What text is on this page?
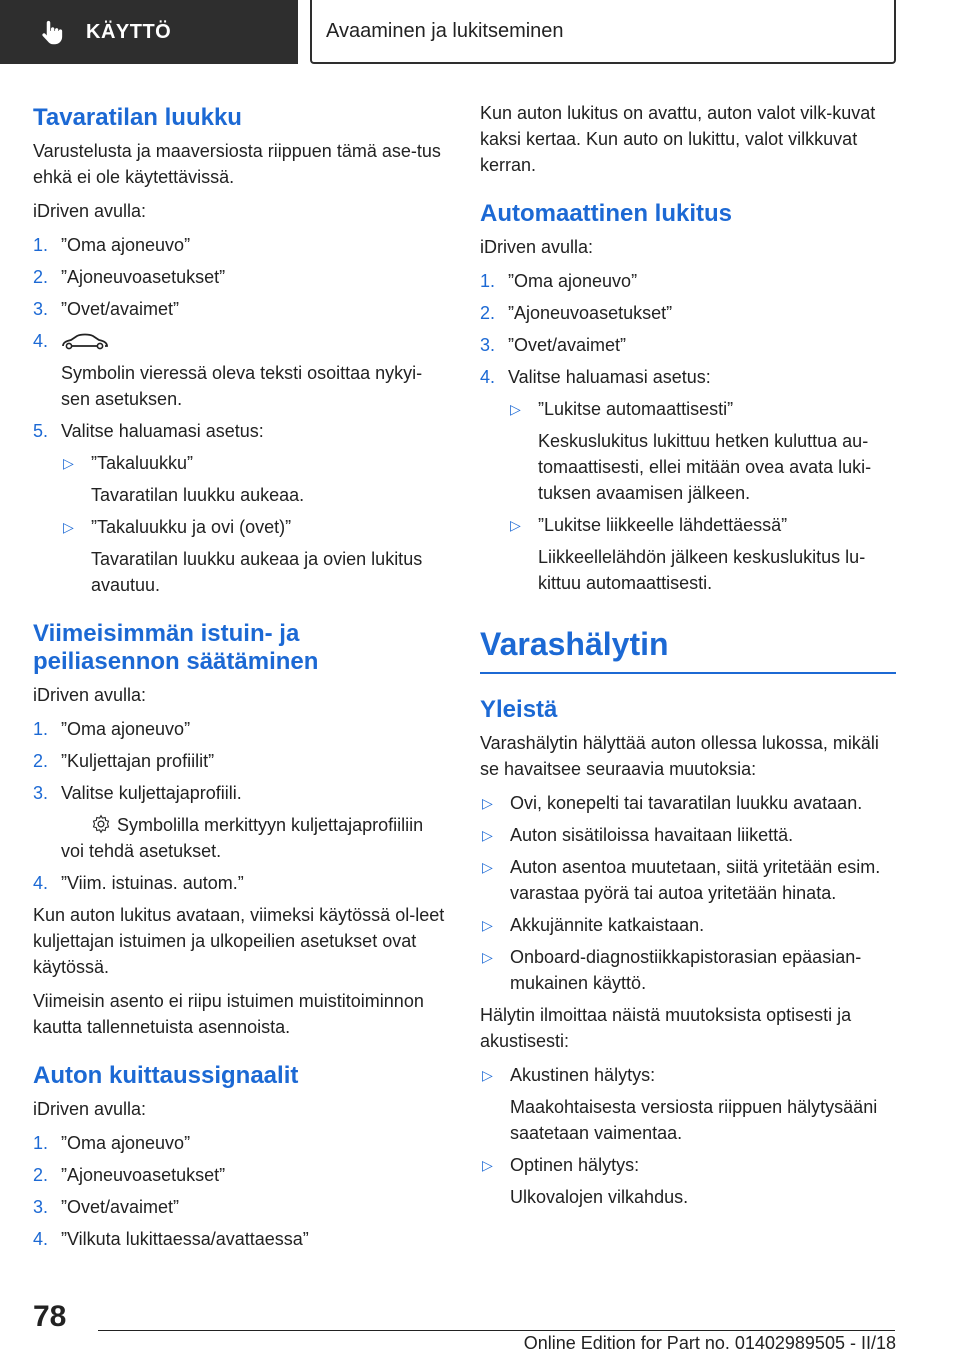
KÄYTTÖ	Avaaminen ja lukitseminen
Tavaratilan luukku

Varustelusta ja maaversiosta riippuen tämä ase-tus ehkä ei ole käytettävissä.

iDriven avulla:

1. ”Oma ajoneuvo”
2. ”Ajoneuvoasetukset”
3. ”Ovet/avaimet”
4.
Symbolin vieressä oleva teksti osoittaa nykyi-sen asetuksen.
5. Valitse haluamasi asetus:
▷ ”Takaluukku”
Tavaratilan luukku aukeaa.
▷ ”Takaluukku ja ovi (ovet)”
Tavaratilan luukku aukeaa ja ovien lukitus avautuu.
Viimeisimmän istuin- ja peiliasennon säätäminen

iDriven avulla:

1. ”Oma ajoneuvo”
2. ”Kuljettajan profiilit”
3. Valitse kuljettajaprofiili.
Symbolilla merkittyyn kuljettajaprofiiliin voi tehdä asetukset.
4. ”Viim. istuinas. autom.”

Kun auton lukitus avataan, viimeksi käytössä ol-leet kuljettajan istuimen ja ulkopeilien asetukset ovat käytössä.

Viimeisin asento ei riipu istuimen muistitoiminnon kautta tallennetuista asennoista.

Auton kuittaussignaalit

iDriven avulla:

1. ”Oma ajoneuvo”
2. ”Ajoneuvoasetukset”
3. ”Ovet/avaimet”
4. ”Vilkuta lukittaessa/avattaessa”

Kun auton lukitus on avattu, auton valot vilk-kuvat kaksi kertaa. Kun auto on lukittu, valot vilkkuvat kerran.

Automaattinen lukitus

iDriven avulla:

1. ”Oma ajoneuvo”
2. ”Ajoneuvoasetukset”
3. ”Ovet/avaimet”
4. Valitse haluamasi asetus:
▷ ”Lukitse automaattisesti”
Keskuslukitus lukittuu hetken kuluttua au-tomaattisesti, ellei mitään ovea avata luki-tuksen avaamisen jälkeen.
▷ ”Lukitse liikkeelle lähdettäessä”
Liikkeellelähdön jälkeen keskuslukitus lu-kittuu automaattisesti.
Varashälytin
Yleistä

Varashälytin hälyttää auton ollessa lukossa, mikäli se havaitsee seuraavia muutoksia:

▷ Ovi, konepelti tai tavaratilan luukku avataan.
▷ Auton sisätiloissa havaitaan liikettä.
▷ Auton asentoa muutetaan, siitä yritetään esim. varastaa pyörä tai autoa yritetään hinata.
▷ Akkujännite katkaistaan.
▷ Onboard-diagnostiikkapistorasian epäasian-mukainen käyttö.

Hälytin ilmoittaa näistä muutoksista optisesti ja akustisesti:

▷ Akustinen hälytys:
Maakohtaisesta versiosta riippuen hälytysääni saatetaan vaimentaa.
▷ Optinen hälytys:
Ulkovalojen vilkahdus.
78
Online Edition for Part no. 01402989505 - II/18
